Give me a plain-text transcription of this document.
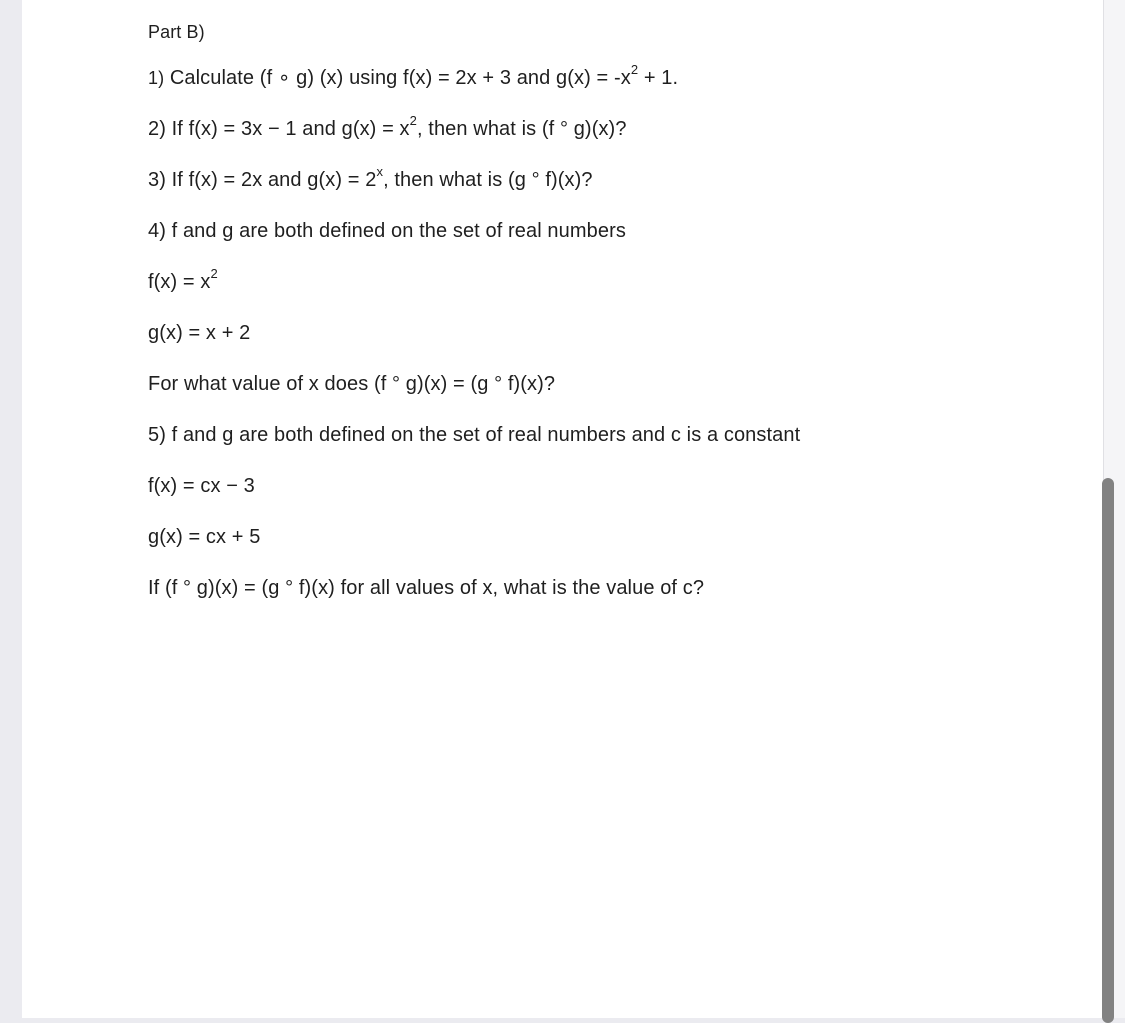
Part B)
1) Calculate (f ∘ g) (x) using f(x) = 2x + 3 and $g(x) = -x^2 + 1$.
2) If f(x) = 3x − 1 and $g(x) = x^2$, then what is (f ° g)(x)?
3) If f(x) = 2x and $g(x) = 2^x$, then what is (g ° f)(x)?
4) f and g are both defined on the set of real numbers
$f(x) = x^2$
g(x) = x + 2
For what value of x does (f ° g)(x) = (g ° f)(x)?
5) f and g are both defined on the set of real numbers and c is a constant
f(x) = cx − 3
g(x) = cx + 5
If (f ° g)(x) = (g ° f)(x) for all values of x, what is the value of c?
